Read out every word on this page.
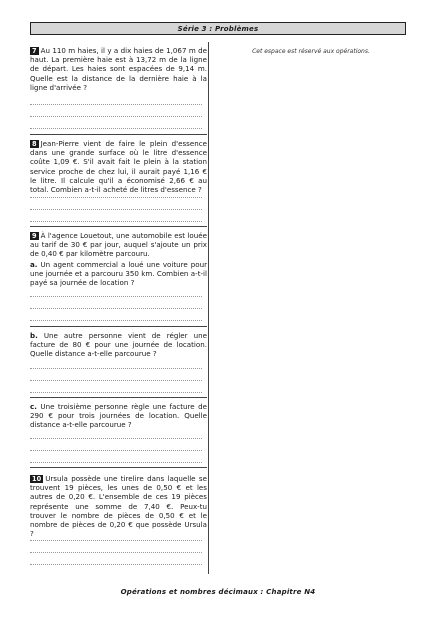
Série 3 : Problèmes
Cet espace est réservé aux opérations.

7 Au 110 m haies, il y a dix haies de 1,067 m de haut. La première haie est à 13,72 m de la ligne de départ. Les haies sont espacées de 9,14 m. Quelle est la distance de la dernière haie à la ligne d'arrivée ?

8 Jean-Pierre vient de faire le plein d'essence dans une grande surface où le litre d'essence coûte 1,09 €. S'il avait fait le plein à la station service proche de chez lui, il aurait payé 1,16 € le litre. Il calcule qu'il a économisé 2,66 € au total. Combien a-t-il acheté de litres d'essence ?

9 À l'agence Louetout, une automobile est louée au tarif de 30 € par jour, auquel s'ajoute un prix de 0,40 € par kilomètre parcouru.

a. Un agent commercial a loué une voiture pour une journée et a parcouru 350 km. Combien a-t-il payé sa journée de location ?

b. Une autre personne vient de régler une facture de 80 € pour une journée de location. Quelle distance a-t-elle parcourue ?

c. Une troisième personne règle une facture de 290 € pour trois journées de location. Quelle distance a-t-elle parcourue ?

10 Ursula possède une tirelire dans laquelle se trouvent 19 pièces, les unes de 0,50 € et les autres de 0,20 €. L'ensemble de ces 19 pièces représente une somme de 7,40 €. Peux-tu trouver le nombre de pièces de 0,50 € et le nombre de pièces de 0,20 € que possède Ursula ?

Opérations et nombres décimaux : Chapitre N4
